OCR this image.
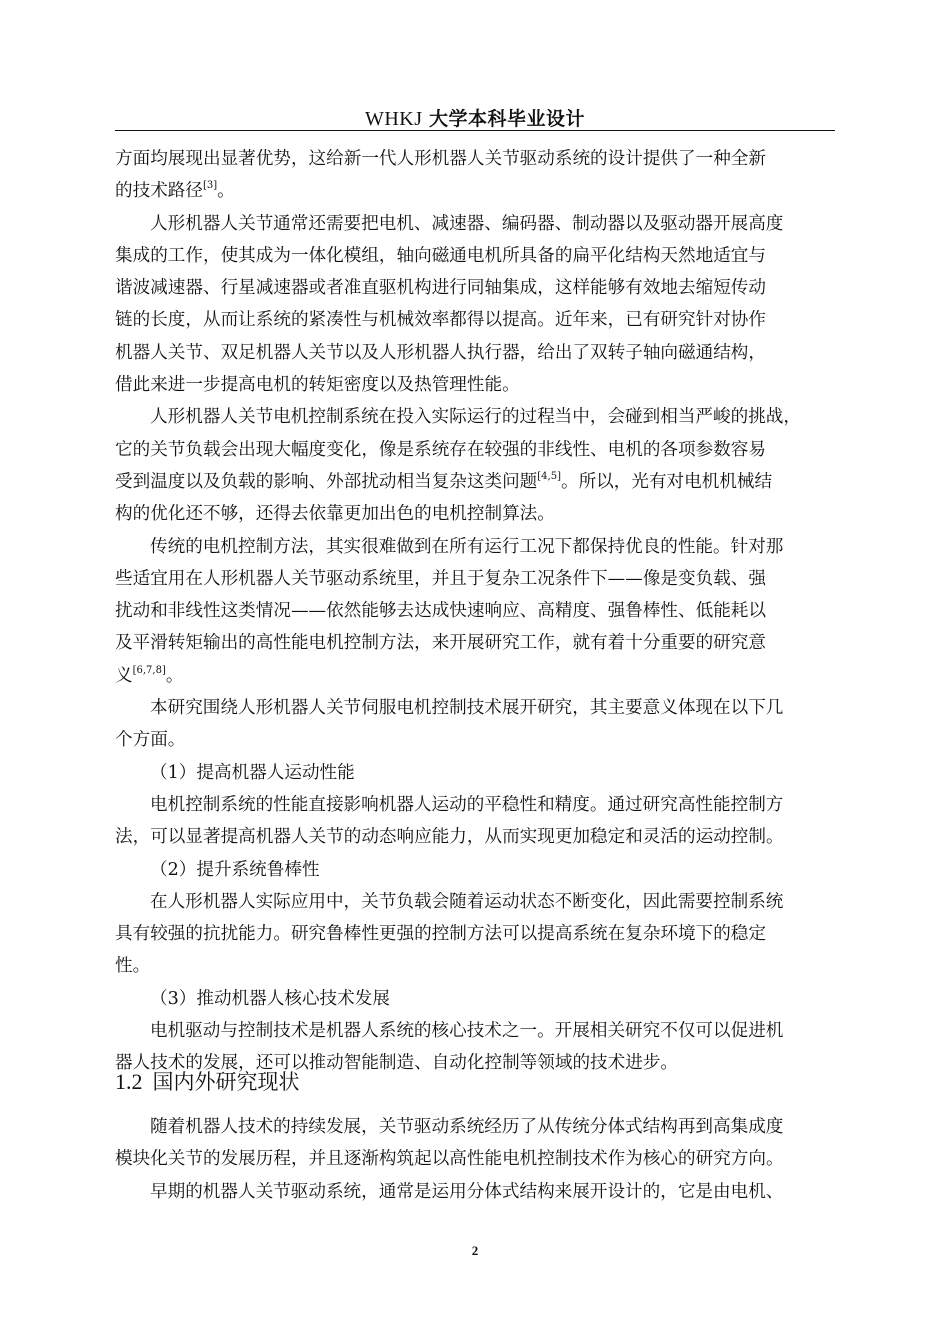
WHKJ 大学本科毕业设计
方面均展现出显著优势，这给新一代人形机器人关节驱动系统的设计提供了一种全新
的技术路径[3]。
人形机器人关节通常还需要把电机、减速器、编码器、制动器以及驱动器开展高度
集成的工作，使其成为一体化模组，轴向磁通电机所具备的扁平化结构天然地适宜与
谐波减速器、行星减速器或者准直驱机构进行同轴集成，这样能够有效地去缩短传动
链的长度，从而让系统的紧凑性与机械效率都得以提高。近年来，已有研究针对协作
机器人关节、双足机器人关节以及人形机器人执行器，给出了双转子轴向磁通结构，
借此来进一步提高电机的转矩密度以及热管理性能。
人形机器人关节电机控制系统在投入实际运行的过程当中，会碰到相当严峻的挑战，
它的关节负载会出现大幅度变化，像是系统存在较强的非线性、电机的各项参数容易
受到温度以及负载的影响、外部扰动相当复杂这类问题[4,5]。所以，光有对电机机械结
构的优化还不够，还得去依靠更加出色的电机控制算法。
传统的电机控制方法，其实很难做到在所有运行工况下都保持优良的性能。针对那
些适宜用在人形机器人关节驱动系统里，并且于复杂工况条件下——像是变负载、强
扰动和非线性这类情况——依然能够去达成快速响应、高精度、强鲁棒性、低能耗以
及平滑转矩输出的高性能电机控制方法，来开展研究工作，就有着十分重要的研究意
义[6,7,8]。
本研究围绕人形机器人关节伺服电机控制技术展开研究，其主要意义体现在以下几
个方面。
（1）提高机器人运动性能
电机控制系统的性能直接影响机器人运动的平稳性和精度。通过研究高性能控制方
法，可以显著提高机器人关节的动态响应能力，从而实现更加稳定和灵活的运动控制。
（2）提升系统鲁棒性
在人形机器人实际应用中，关节负载会随着运动状态不断变化，因此需要控制系统
具有较强的抗扰能力。研究鲁棒性更强的控制方法可以提高系统在复杂环境下的稳定
性。
（3）推动机器人核心技术发展
电机驱动与控制技术是机器人系统的核心技术之一。开展相关研究不仅可以促进机
器人技术的发展，还可以推动智能制造、自动化控制等领域的技术进步。
1.2 国内外研究现状
随着机器人技术的持续发展，关节驱动系统经历了从传统分体式结构再到高集成度
模块化关节的发展历程，并且逐渐构筑起以高性能电机控制技术作为核心的研究方向。
早期的机器人关节驱动系统，通常是运用分体式结构来展开设计的，它是由电机、
2
